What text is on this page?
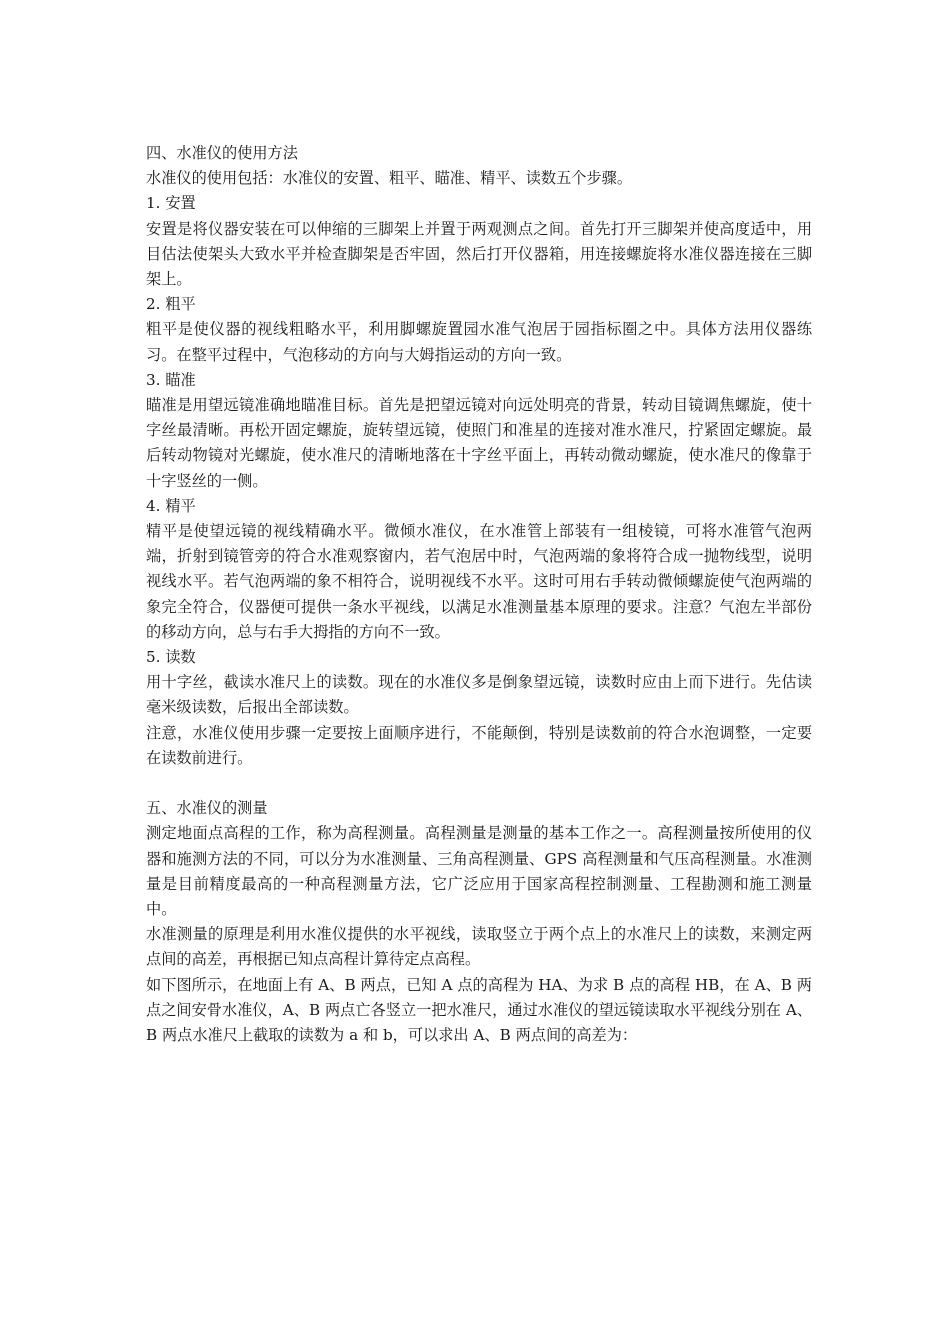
四、水准仪的使用方法

水准仪的使用包括：水准仪的安置、粗平、瞄准、精平、读数五个步骤。

1. 安置

安置是将仪器安装在可以伸缩的三脚架上并置于两观测点之间。首先打开三脚架并使高度适中，用目估法使架头大致水平并检查脚架是否牢固，然后打开仪器箱，用连接螺旋将水准仪器连接在三脚架上。

2. 粗平

粗平是使仪器的视线粗略水平，利用脚螺旋置园水准气泡居于园指标圈之中。具体方法用仪器练习。在整平过程中，气泡移动的方向与大姆指运动的方向一致。

3. 瞄准

瞄准是用望远镜准确地瞄准目标。首先是把望远镜对向远处明亮的背景，转动目镜调焦螺旋，使十字丝最清晰。再松开固定螺旋，旋转望远镜，使照门和准星的连接对准水准尺，拧紧固定螺旋。最后转动物镜对光螺旋，使水准尺的清晰地落在十字丝平面上，再转动微动螺旋，使水准尺的像靠于十字竖丝的一侧。

4. 精平

精平是使望远镜的视线精确水平。微倾水准仪，在水准管上部装有一组棱镜，可将水准管气泡两端，折射到镜管旁的符合水准观察窗内，若气泡居中时，气泡两端的象将符合成一抛物线型，说明视线水平。若气泡两端的象不相符合，说明视线不水平。这时可用右手转动微倾螺旋使气泡两端的象完全符合，仪器便可提供一条水平视线，以满足水准测量基本原理的要求。注意？气泡左半部份的移动方向，总与右手大拇指的方向不一致。

5. 读数

用十字丝，截读水准尺上的读数。现在的水准仪多是倒象望远镜，读数时应由上而下进行。先估读毫米级读数，后报出全部读数。

注意，水准仪使用步骤一定要按上面顺序进行，不能颠倒，特别是读数前的符合水泡调整，一定要在读数前进行。

五、水准仪的测量

测定地面点高程的工作，称为高程测量。高程测量是测量的基本工作之一。高程测量按所使用的仪器和施测方法的不同，可以分为水准测量、三角高程测量、GPS 高程测量和气压高程测量。水准测量是目前精度最高的一种高程测量方法，它广泛应用于国家高程控制测量、工程勘测和施工测量中。

水准测量的原理是利用水准仪提供的水平视线，读取竖立于两个点上的水准尺上的读数，来测定两点间的高差，再根据已知点高程计算待定点高程。

如下图所示，在地面上有 A、B 两点，已知 A 点的高程为 HA、为求 B 点的高程 HB，在 A、B 两点之间安骨水准仪，A、B 两点亡各竖立一把水准尺，通过水准仪的望远镜读取水平视线分别在 A、B 两点水准尺上截取的读数为 a 和 b，可以求出 A、B 两点间的高差为：
